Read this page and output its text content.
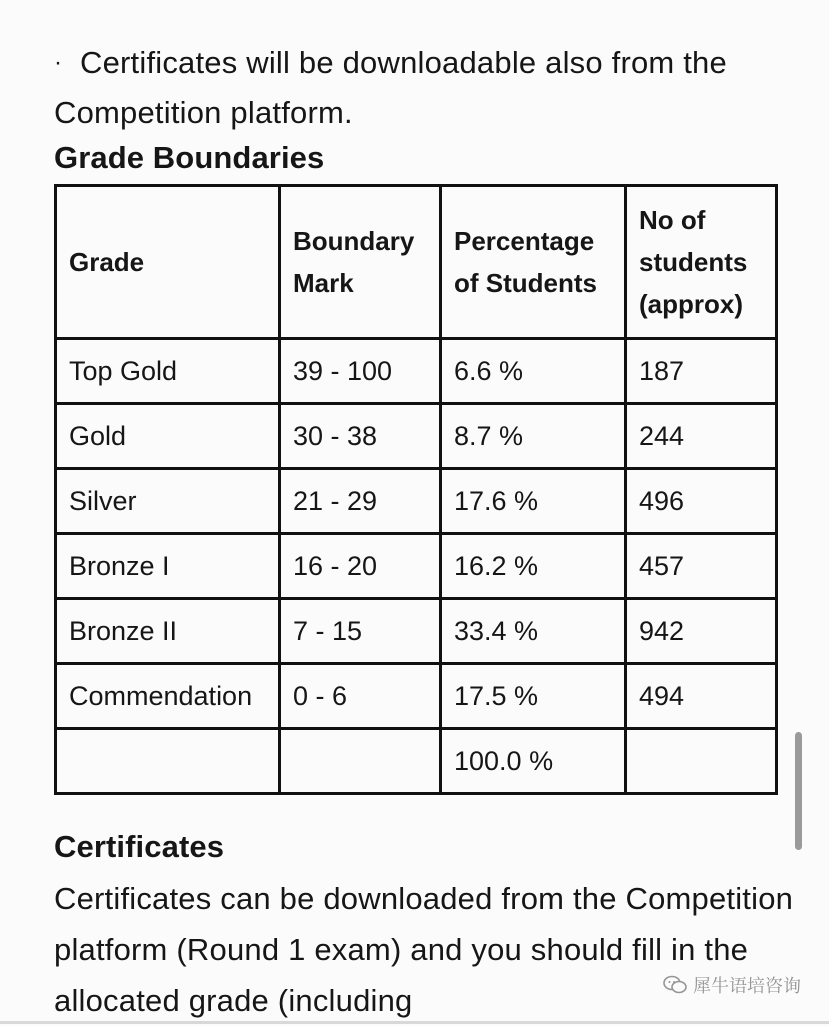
· Certificates will be downloadable also from the Competition platform.
Grade Boundaries
Grade	Boundary Mark	Percentage of Students	No of students (approx)
Top Gold	39 - 100	6.6 %	187
Gold	30 - 38	8.7 %	244
Silver	21 - 29	17.6 %	496
Bronze I	16 - 20	16.2 %	457
Bronze II	7 - 15	33.4 %	942
Commendation	0 - 6	17.5 %	494
		100.0 %	
Certificates
Certificates can be downloaded from the Competition platform (Round 1 exam) and you should fill in the allocated grade (including	犀牛语培咨询
